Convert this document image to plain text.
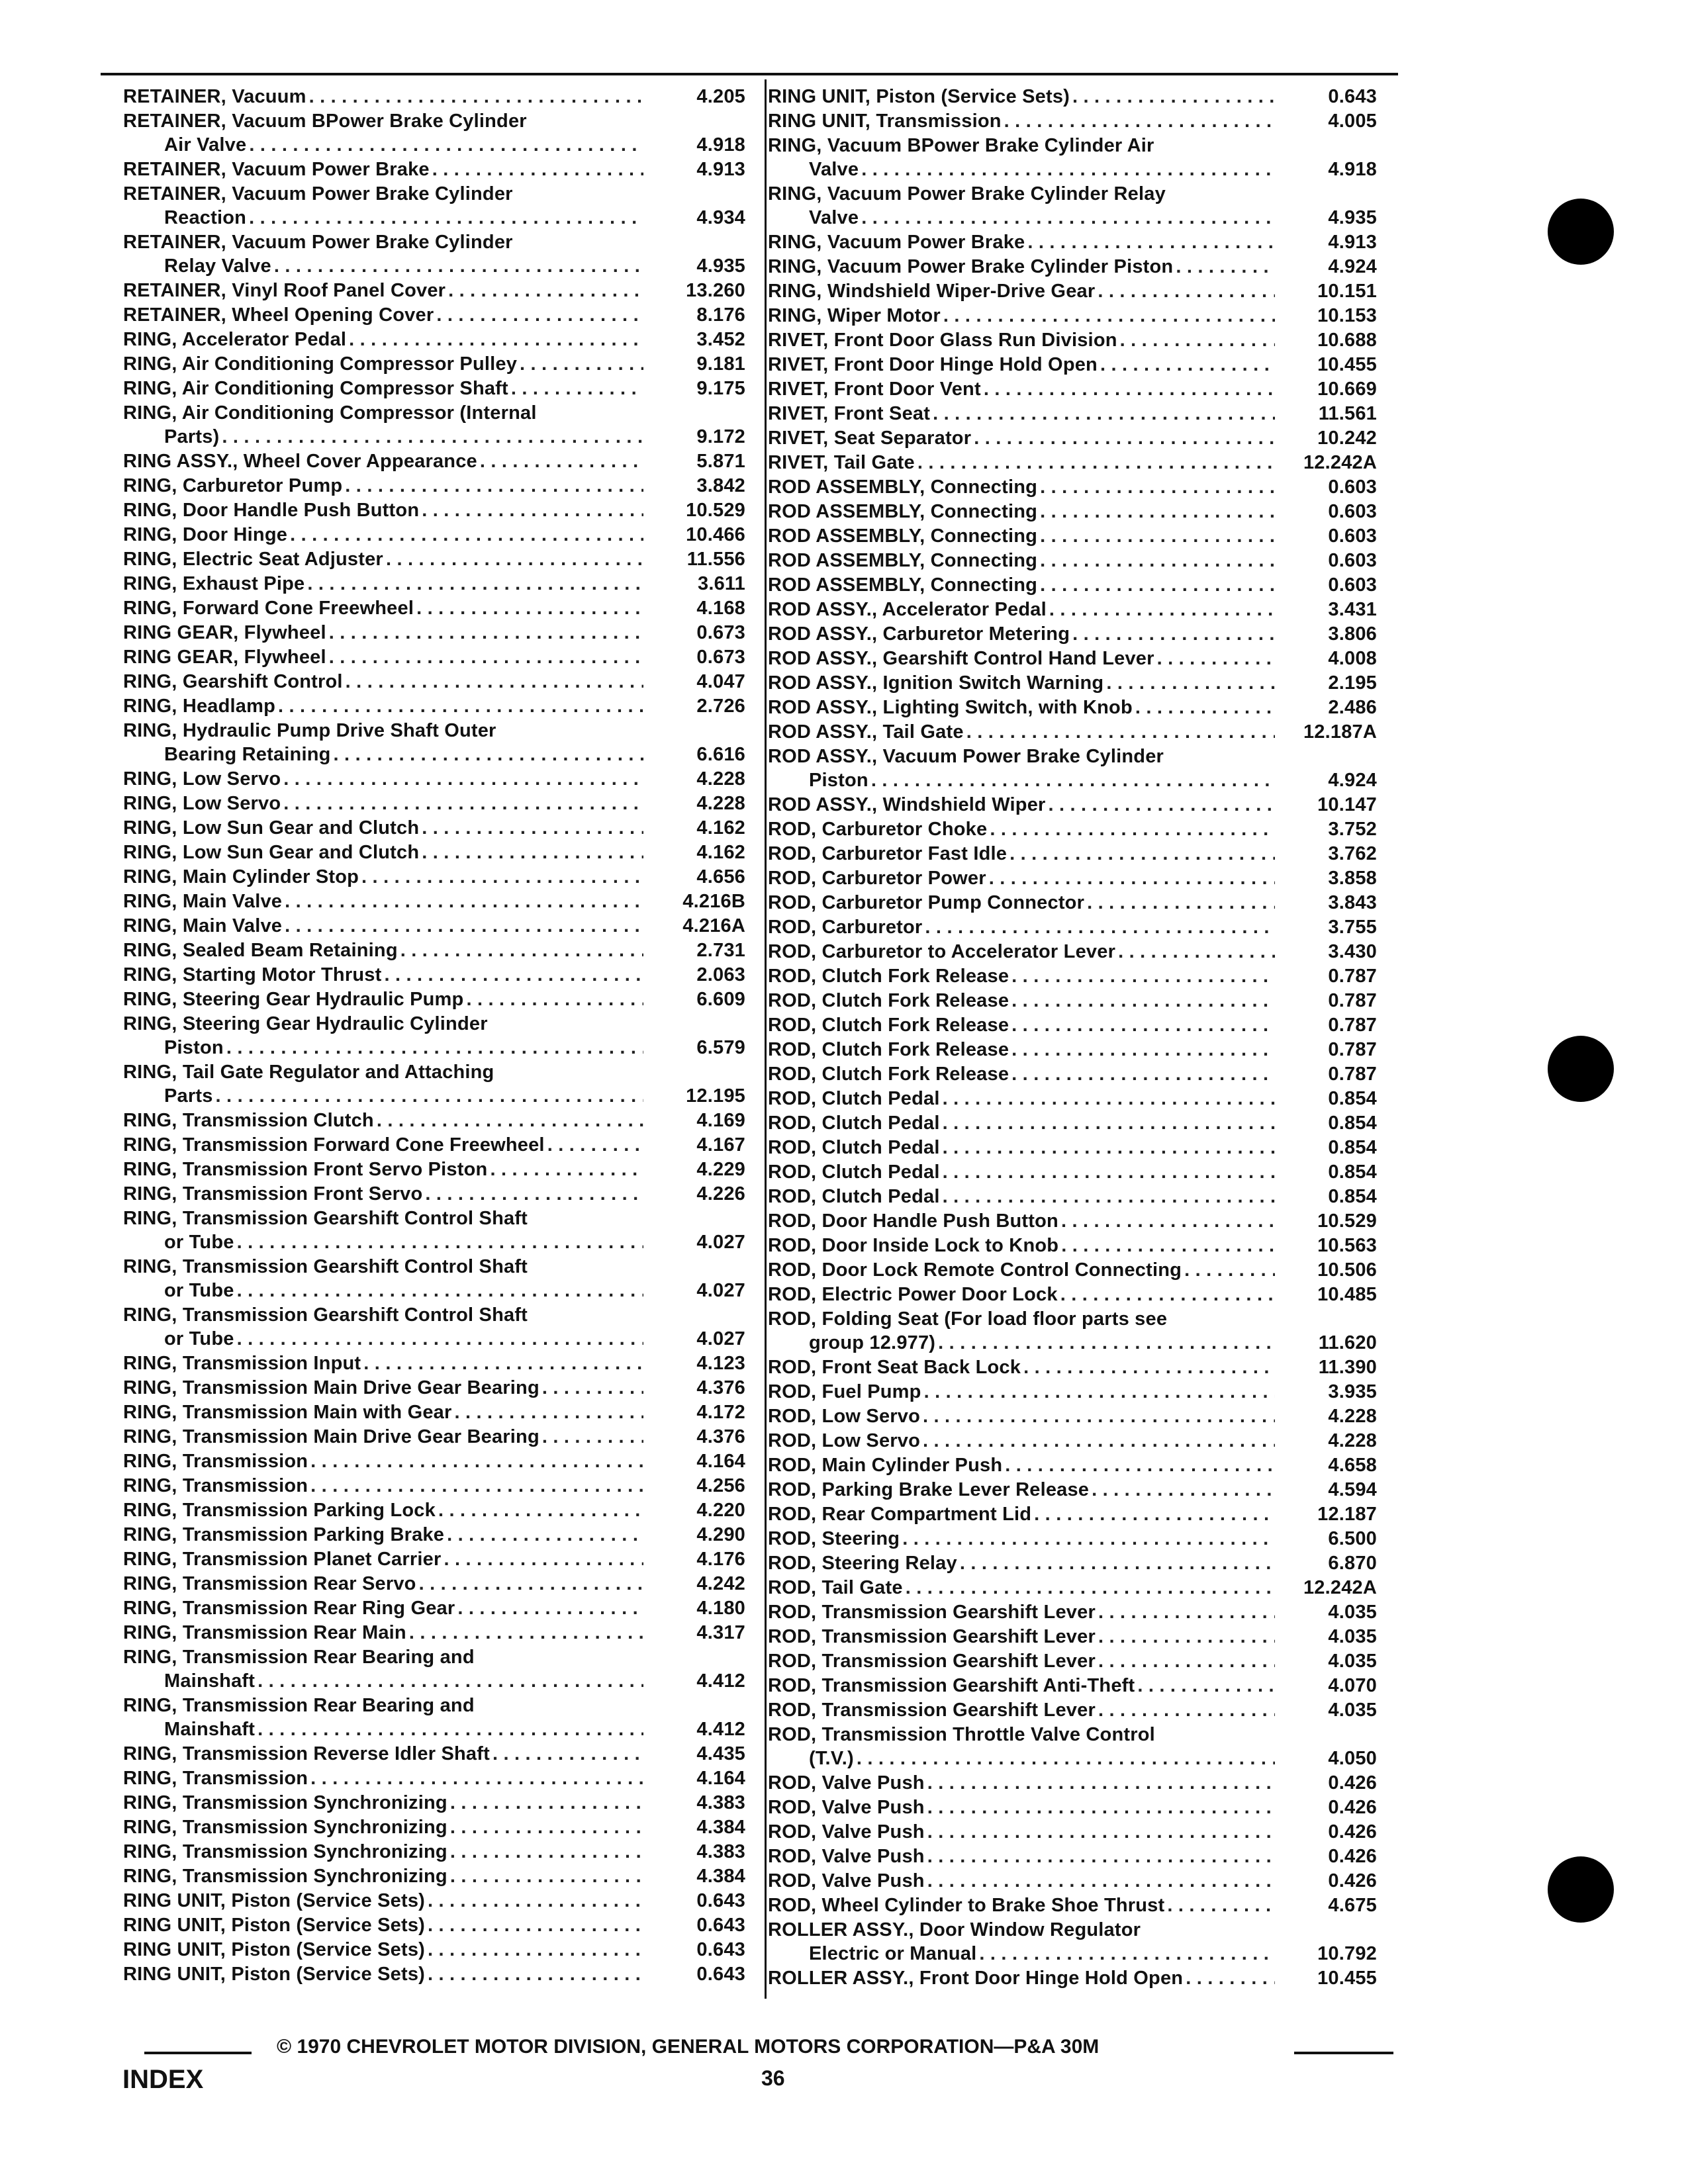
RETAINER, Vacuum . . .	4.205
RETAINER, Vacuum BPower Brake Cylinder
Air Valve . . .	4.918
RETAINER, Vacuum Power Brake . . .	4.913
RETAINER, Vacuum Power Brake Cylinder
Reaction . . .	4.934
RETAINER, Vacuum Power Brake Cylinder
Relay Valve . . .	4.935
RETAINER, Vinyl Roof Panel Cover . . .	13.260
RETAINER, Wheel Opening Cover . . .	8.176
RING, Accelerator Pedal . . .	3.452
RING, Air Conditioning Compressor Pulley . . .	9.181
RING, Air Conditioning Compressor Shaft . . .	9.175
RING, Air Conditioning Compressor (Internal
Parts) . . .	9.172
RING ASSY., Wheel Cover Appearance . . .	5.871
RING, Carburetor Pump . . .	3.842
RING, Door Handle Push Button . . .	10.529
RING, Door Hinge . . .	10.466
RING, Electric Seat Adjuster . . .	11.556
RING, Exhaust Pipe . . .	3.611
RING, Forward Cone Freewheel . . .	4.168
RING GEAR, Flywheel . . .	0.673
RING GEAR, Flywheel . . .	0.673
RING, Gearshift Control . . .	4.047
RING, Headlamp . . .	2.726
RING, Hydraulic Pump Drive Shaft Outer
Bearing Retaining . . .	6.616
RING, Low Servo . . .	4.228
RING, Low Servo . . .	4.228
RING, Low Sun Gear and Clutch . . .	4.162
RING, Low Sun Gear and Clutch . . .	4.162
RING, Main Cylinder Stop . . .	4.656
RING, Main Valve . . .	4.216B
RING, Main Valve . . .	4.216A
RING, Sealed Beam Retaining . . .	2.731
RING, Starting Motor Thrust . . .	2.063
RING, Steering Gear Hydraulic Pump . . .	6.609
RING, Steering Gear Hydraulic Cylinder
Piston . . .	6.579
RING, Tail Gate Regulator and Attaching
Parts . . .	12.195
RING, Transmission Clutch . . .	4.169
RING, Transmission Forward Cone Freewheel . . .	4.167
RING, Transmission Front Servo Piston . . .	4.229
RING, Transmission Front Servo . . .	4.226
RING, Transmission Gearshift Control Shaft
or Tube . . .	4.027
RING, Transmission Gearshift Control Shaft
or Tube . . .	4.027
RING, Transmission Gearshift Control Shaft
or Tube . . .	4.027
RING, Transmission Input . . .	4.123
RING, Transmission Main Drive Gear Bearing . . .	4.376
RING, Transmission Main with Gear . . .	4.172
RING, Transmission Main Drive Gear Bearing . . .	4.376
RING, Transmission . . .	4.164
RING, Transmission . . .	4.256
RING, Transmission Parking Lock . . .	4.220
RING, Transmission Parking Brake . . .	4.290
RING, Transmission Planet Carrier . . .	4.176
RING, Transmission Rear Servo . . .	4.242
RING, Transmission Rear Ring Gear . . .	4.180
RING, Transmission Rear Main . . .	4.317
RING, Transmission Rear Bearing and
Mainshaft . . .	4.412
RING, Transmission Rear Bearing and
Mainshaft . . .	4.412
RING, Transmission Reverse Idler Shaft . . .	4.435
RING, Transmission . . .	4.164
RING, Transmission Synchronizing . . .	4.383
RING, Transmission Synchronizing . . .	4.384
RING, Transmission Synchronizing . . .	4.383
RING, Transmission Synchronizing . . .	4.384
RING UNIT, Piston (Service Sets) . . .	0.643
RING UNIT, Piston (Service Sets) . . .	0.643
RING UNIT, Piston (Service Sets) . . .	0.643
RING UNIT, Piston (Service Sets) . . .	0.643
RING UNIT, Piston (Service Sets) . . .	0.643
RING UNIT, Transmission . . .	4.005
RING, Vacuum BPower Brake Cylinder Air
Valve . . .	4.918
RING, Vacuum Power Brake Cylinder Relay
Valve . . .	4.935
RING, Vacuum Power Brake . . .	4.913
RING, Vacuum Power Brake Cylinder Piston . . .	4.924
RING, Windshield Wiper-Drive Gear . . .	10.151
RING, Wiper Motor . . .	10.153
RIVET, Front Door Glass Run Division . . .	10.688
RIVET, Front Door Hinge Hold Open . . .	10.455
RIVET, Front Door Vent . . .	10.669
RIVET, Front Seat . . .	11.561
RIVET, Seat Separator . . .	10.242
RIVET, Tail Gate . . .	12.242A
ROD ASSEMBLY, Connecting . . .	0.603
ROD ASSEMBLY, Connecting . . .	0.603
ROD ASSEMBLY, Connecting . . .	0.603
ROD ASSEMBLY, Connecting . . .	0.603
ROD ASSEMBLY, Connecting . . .	0.603
ROD ASSY., Accelerator Pedal . . .	3.431
ROD ASSY., Carburetor Metering . . .	3.806
ROD ASSY., Gearshift Control Hand Lever . . .	4.008
ROD ASSY., Ignition Switch Warning . . .	2.195
ROD ASSY., Lighting Switch, with Knob . . .	2.486
ROD ASSY., Tail Gate . . .	12.187A
ROD ASSY., Vacuum Power Brake Cylinder
Piston . . .	4.924
ROD ASSY., Windshield Wiper . . .	10.147
ROD, Carburetor Choke . . .	3.752
ROD, Carburetor Fast Idle . . .	3.762
ROD, Carburetor Power . . .	3.858
ROD, Carburetor Pump Connector . . .	3.843
ROD, Carburetor . . .	3.755
ROD, Carburetor to Accelerator Lever . . .	3.430
ROD, Clutch Fork Release . . .	0.787
ROD, Clutch Fork Release . . .	0.787
ROD, Clutch Fork Release . . .	0.787
ROD, Clutch Fork Release . . .	0.787
ROD, Clutch Fork Release . . .	0.787
ROD, Clutch Pedal . . .	0.854
ROD, Clutch Pedal . . .	0.854
ROD, Clutch Pedal . . .	0.854
ROD, Clutch Pedal . . .	0.854
ROD, Clutch Pedal . . .	0.854
ROD, Door Handle Push Button . . .	10.529
ROD, Door Inside Lock to Knob . . .	10.563
ROD, Door Lock Remote Control Connecting . . .	10.506
ROD, Electric Power Door Lock . . .	10.485
ROD, Folding Seat (For load floor parts see
group 12.977) . . .	11.620
ROD, Front Seat Back Lock . . .	11.390
ROD, Fuel Pump . . .	3.935
ROD, Low Servo . . .	4.228
ROD, Low Servo . . .	4.228
ROD, Main Cylinder Push . . .	4.658
ROD, Parking Brake Lever Release . . .	4.594
ROD, Rear Compartment Lid . . .	12.187
ROD, Steering . . .	6.500
ROD, Steering Relay . . .	6.870
ROD, Tail Gate . . .	12.242A
ROD, Transmission Gearshift Lever . . .	4.035
ROD, Transmission Gearshift Lever . . .	4.035
ROD, Transmission Gearshift Lever . . .	4.035
ROD, Transmission Gearshift Anti-Theft . . .	4.070
ROD, Transmission Gearshift Lever . . .	4.035
ROD, Transmission Throttle Valve Control
(T.V.) . . .	4.050
ROD, Valve Push . . .	0.426
ROD, Valve Push . . .	0.426
ROD, Valve Push . . .	0.426
ROD, Valve Push . . .	0.426
ROD, Valve Push . . .	0.426
ROD, Wheel Cylinder to Brake Shoe Thrust . . .	4.675
ROLLER ASSY., Door Window Regulator
Electric or Manual . . .	10.792
ROLLER ASSY., Front Door Hinge Hold Open . . .	10.455
© 1970 CHEVROLET MOTOR DIVISION, GENERAL MOTORS CORPORATION—P&A 30M
INDEX	36
